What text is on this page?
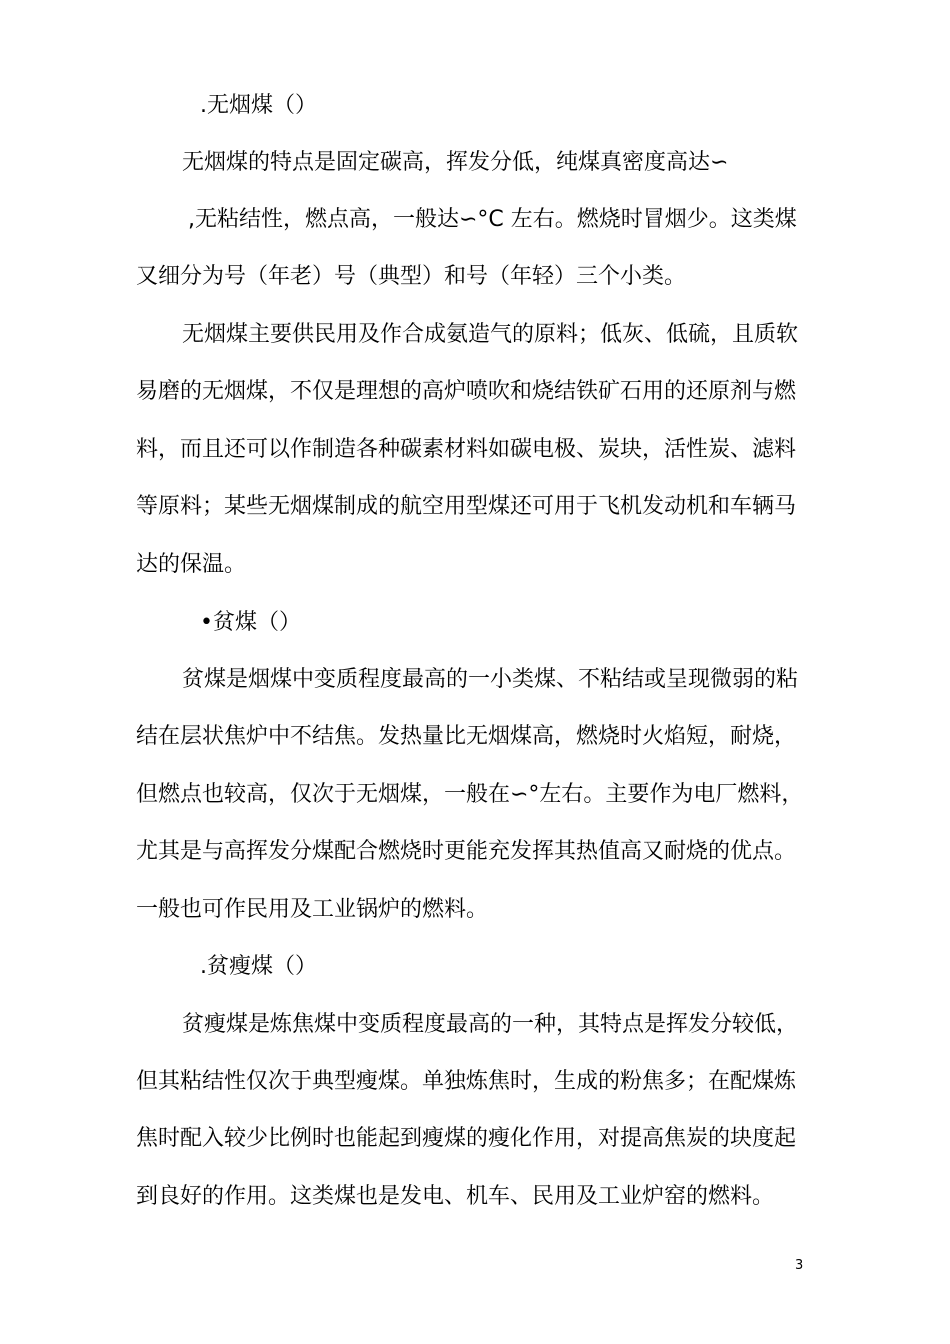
.无烟煤（）

无烟煤的特点是固定碳高，挥发分低，纯煤真密度高达∽

,无粘结性，燃点高，一般达∽°C 左右。燃烧时冒烟少。这类煤

又细分为号（年老）号（典型）和号（年轻）三个小类。

无烟煤主要供民用及作合成氨造气的原料；低灰、低硫，且质软

易磨的无烟煤，不仅是理想的高炉喷吹和烧结铁矿石用的还原剂与燃

料，而且还可以作制造各种碳素材料如碳电极、炭块，活性炭、滤料

等原料；某些无烟煤制成的航空用型煤还可用于飞机发动机和车辆马

达的保温。

•贫煤（）

贫煤是烟煤中变质程度最高的一小类煤、不粘结或呈现微弱的粘

结在层状焦炉中不结焦。发热量比无烟煤高，燃烧时火焰短，耐烧，

但燃点也较高，仅次于无烟煤，一般在∽°左右。主要作为电厂燃料，

尤其是与高挥发分煤配合燃烧时更能充发挥其热值高又耐烧的优点。

一般也可作民用及工业锅炉的燃料。

.贫瘦煤（）

贫瘦煤是炼焦煤中变质程度最高的一种，其特点是挥发分较低，

但其粘结性仅次于典型瘦煤。单独炼焦时，生成的粉焦多；在配煤炼

焦时配入较少比例时也能起到瘦煤的瘦化作用，对提高焦炭的块度起

到良好的作用。这类煤也是发电、机车、民用及工业炉窑的燃料。

3
